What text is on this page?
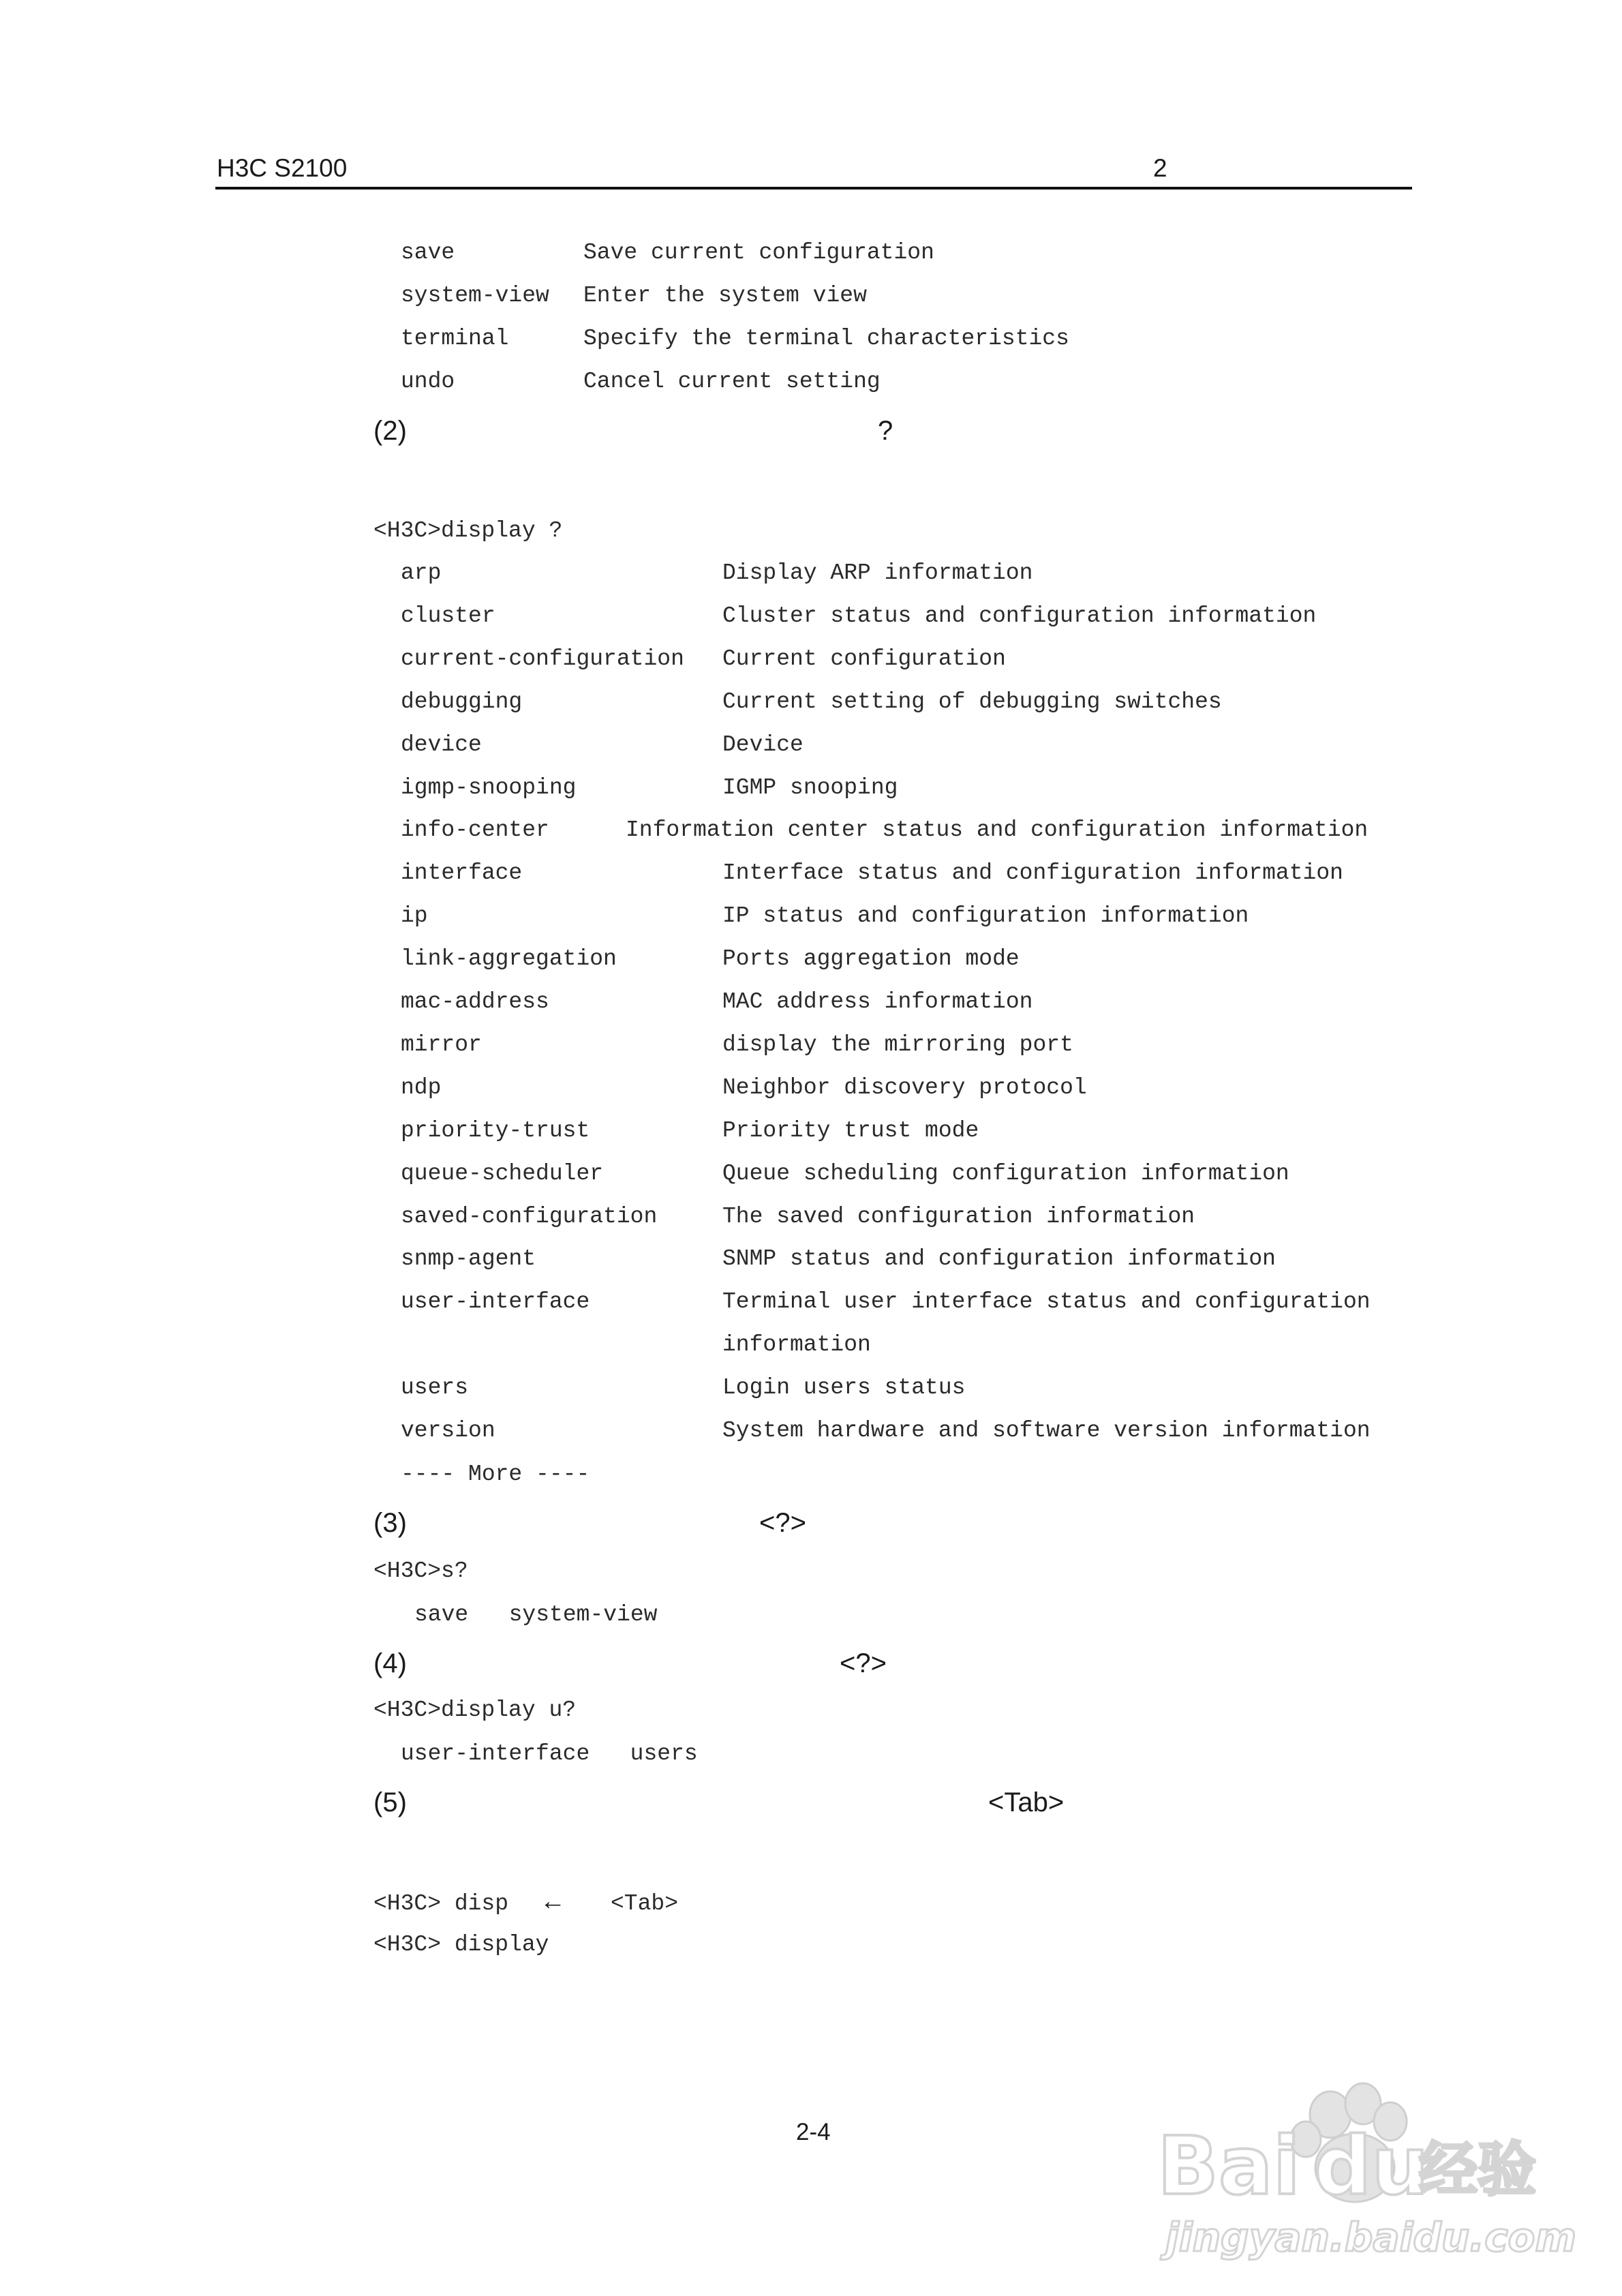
H3C S2100	2
save	Save current configuration
system-view Enter the system view
terminal	Specify the terminal characteristics
undo	Cancel current setting
(2)	?
<H3C>display ?
arp	Display ARP information
cluster	Cluster status and configuration information
current-configuration Current configuration
debugging	Current setting of debugging switches
device	Device
igmp-snooping	IGMP snooping
info-center	Information center status and configuration information
interface	Interface status and configuration information
ip	IP status and configuration information
link-aggregation	Ports aggregation mode
mac-address	MAC address information
mirror	display the mirroring port
ndp	Neighbor discovery protocol
priority-trust	Priority trust mode
queue-scheduler	Queue scheduling configuration information
saved-configuration	The saved configuration information
snmp-agent	SNMP status and configuration information
user-interface	Terminal user interface status and configuration
information
users	Login users status
version	System hardware and software version information
---- More ----
(3)	<?>
<H3C>s?
save   system-view
(4)	<?>
<H3C>display u?
user-interface   users
(5)	<Tab>
<H3C> disp ← <Tab>
<H3C> display
2-4	Bai du
经验
jingyan.baidu.com
